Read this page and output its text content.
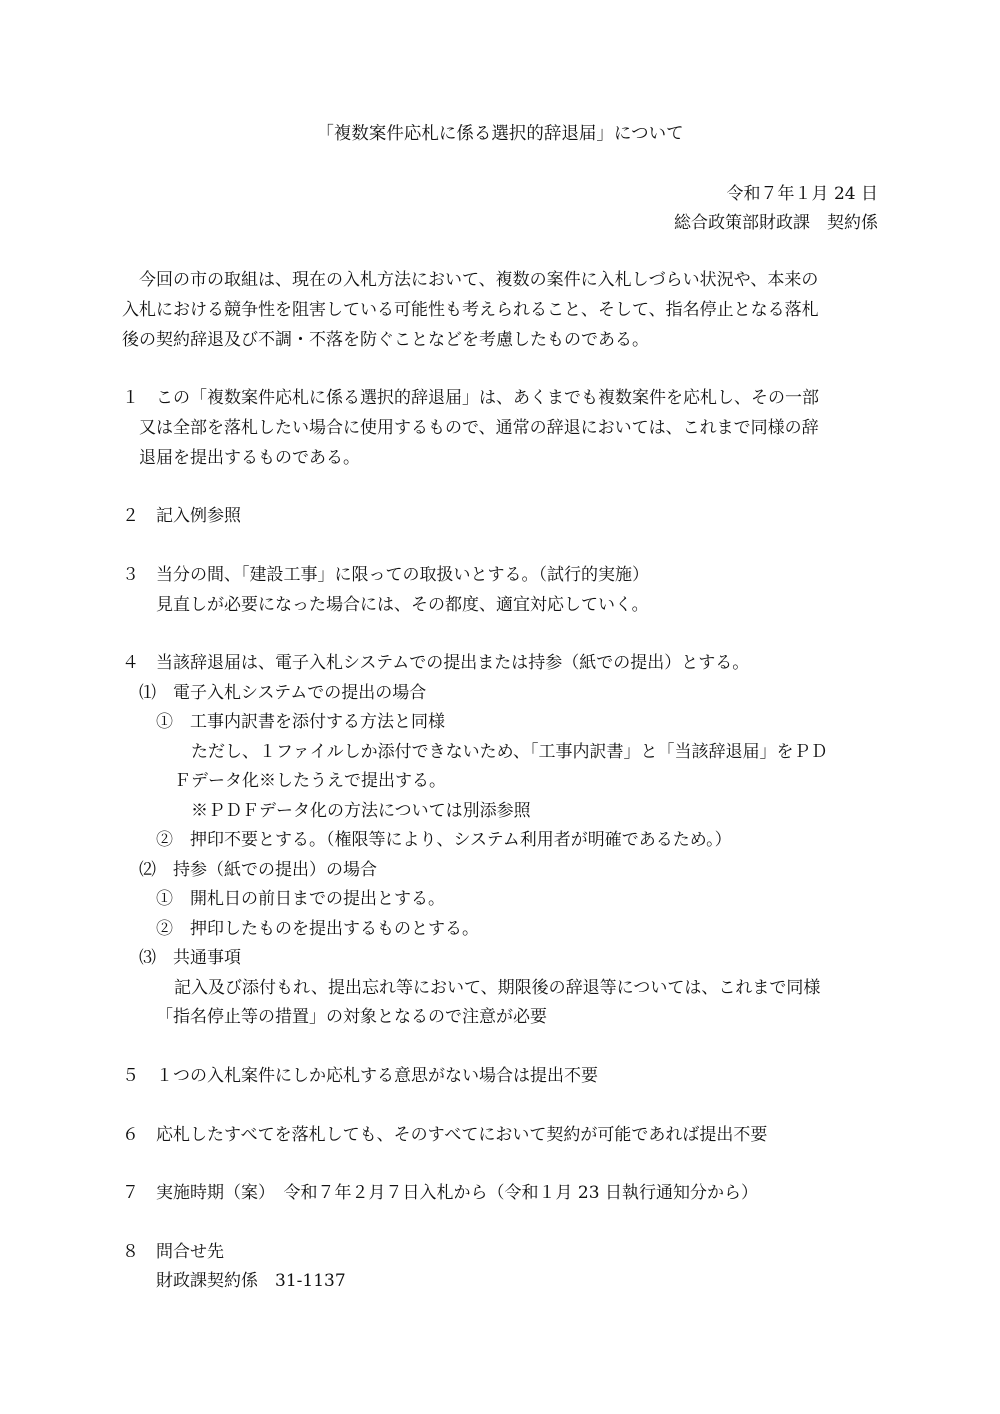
「複数案件応札に係る選択的辞退届」について
令和７年１月 24 日
総合政策部財政課　契約係
　今回の市の取組は、現在の入札方法において、複数の案件に入札しづらい状況や、本来の
入札における競争性を阻害している可能性も考えられること、そして、指名停止となる落札
後の契約辞退及び不調・不落を防ぐことなどを考慮したものである。
１　この「複数案件応札に係る選択的辞退届」は、あくまでも複数案件を応札し、その一部
又は全部を落札したい場合に使用するもので、通常の辞退においては、これまで同様の辞
退届を提出するものである。
２　記入例参照
３　当分の間、「建設工事」に限っての取扱いとする。（試行的実施）
見直しが必要になった場合には、その都度、適宜対応していく。
４　当該辞退届は、電子入札システムでの提出または持参（紙での提出）とする。
⑴　電子入札システムでの提出の場合
①　工事内訳書を添付する方法と同様
ただし、１ファイルしか添付できないため、「工事内訳書」と「当該辞退届」をＰＤ
Ｆデータ化※したうえで提出する。
※ＰＤＦデータ化の方法については別添参照
②　押印不要とする。（権限等により、システム利用者が明確であるため。）
⑵　持参（紙での提出）の場合
①　開札日の前日までの提出とする。
②　押印したものを提出するものとする。
⑶　共通事項
記入及び添付もれ、提出忘れ等において、期限後の辞退等については、これまで同様
「指名停止等の措置」の対象となるので注意が必要
５　１つの入札案件にしか応札する意思がない場合は提出不要
６　応札したすべてを落札しても、そのすべてにおいて契約が可能であれば提出不要
７　実施時期（案）　令和７年２月７日入札から（令和１月 23 日執行通知分から）
８　問合せ先
財政課契約係　31-1137
